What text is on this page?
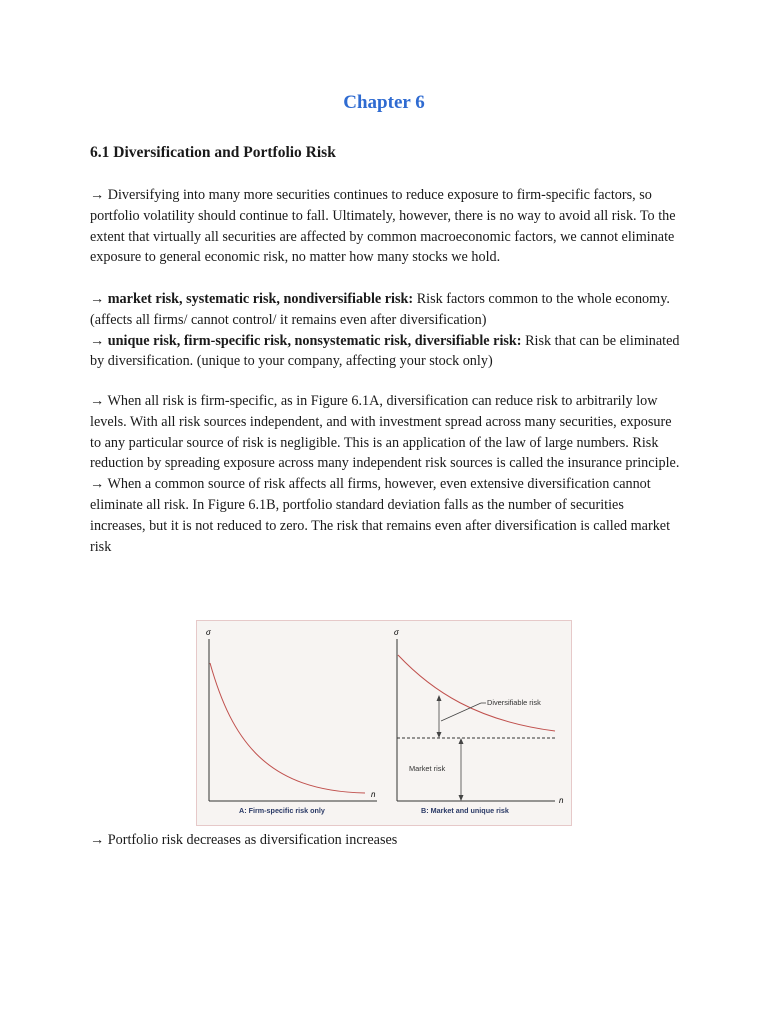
Chapter 6
6.1 Diversification and Portfolio Risk
→ Diversifying into many more securities continues to reduce exposure to firm-specific factors, so portfolio volatility should continue to fall. Ultimately, however, there is no way to avoid all risk. To the extent that virtually all securities are affected by common macroeconomic factors, we cannot eliminate exposure to general economic risk, no matter how many stocks we hold.
→ market risk, systematic risk, nondiversifiable risk: Risk factors common to the whole economy. (affects all firms/ cannot control/ it remains even after diversification)
→ unique risk, firm-specific risk, nonsystematic risk, diversifiable risk: Risk that can be eliminated by diversification. (unique to your company, affecting your stock only)
→ When all risk is firm-specific, as in Figure 6.1A, diversification can reduce risk to arbitrarily low levels. With all risk sources independent, and with investment spread across many securities, exposure to any particular source of risk is negligible. This is an application of the law of large numbers. Risk reduction by spreading exposure across many independent risk sources is called the insurance principle.
→ When a common source of risk affects all firms, however, even extensive diversification cannot eliminate all risk. In Figure 6.1B, portfolio standard deviation falls as the number of securities increases, but it is not reduced to zero. The risk that remains even after diversification is called market risk
σ
n
A: Firm-specific risk only
σ
n
Diversifiable risk
Market risk
B: Market and unique risk
→ Portfolio risk decreases as diversification increases
